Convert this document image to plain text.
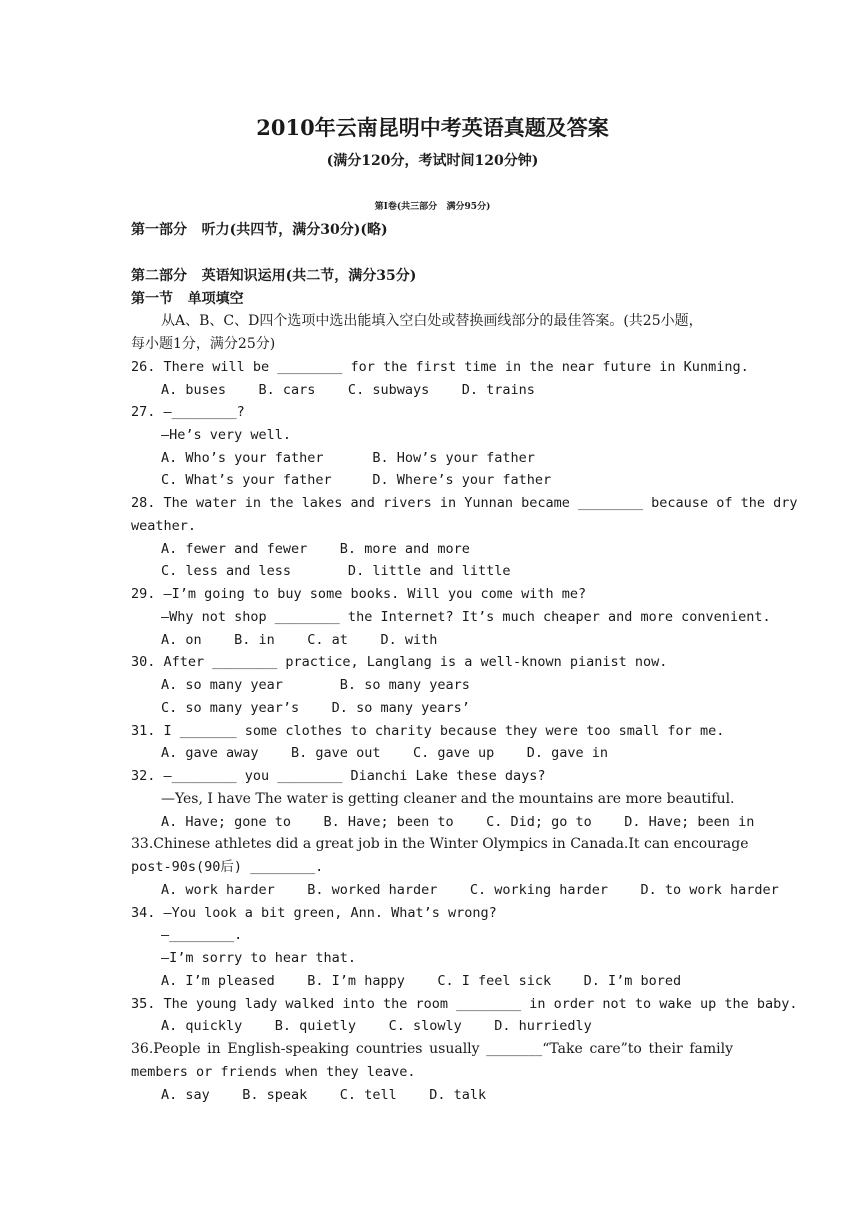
2010年云南昆明中考英语真题及答案
(满分120分，考试时间120分钟)
第Ⅰ卷(共三部分   满分95分)
第一部分   听力(共四节，满分30分)(略)
第二部分   英语知识运用(共二节，满分35分)
第一节   单项填空
从A、B、C、D四个选项中选出能填入空白处或替换画线部分的最佳答案。(共25小题，
每小题1分，满分25分)
26. There will be ________ for the first time in the near future in Kunming.
A. buses    B. cars    C. subways    D. trains
27. —________?
—He’s very well.
A. Who’s your father      B. How’s your father
C. What’s your father     D. Where’s your father
28. The water in the lakes and rivers in Yunnan became ________ because of the dry
weather.
A. fewer and fewer    B. more and more
C. less and less       D. little and little
29. —I’m going to buy some books. Will you come with me?
—Why not shop ________ the Internet? It’s much cheaper and more convenient.
A. on    B. in    C. at    D. with
30. After ________ practice, Langlang is a well-known pianist now.
A. so many year       B. so many years
C. so many year’s    D. so many years’
31. I _______ some clothes to charity because they were too small for me.
A. gave away    B. gave out    C. gave up    D. gave in
32. —________ you ________ Dianchi Lake these days?
—Yes, I have The water is getting cleaner and the mountains are more beautiful.
A. Have; gone to    B. Have; been to    C. Did; go to    D. Have; been in
33.Chinese athletes did a great job in the Winter Olympics in Canada.It can encourage
post-90s(90后) ________.
A. work harder    B. worked harder    C. working harder    D. to work harder
34. —You look a bit green, Ann. What’s wrong?
—________.
—I’m sorry to hear that.
A. I’m pleased    B. I’m happy    C. I feel sick    D. I’m bored
35. The young lady walked into the room ________ in order not to wake up the baby.
A. quickly    B. quietly    C. slowly    D. hurriedly
36.People in English-speaking countries usually ________“Take care”to their family
members or friends when they leave.
A. say    B. speak    C. tell    D. talk
